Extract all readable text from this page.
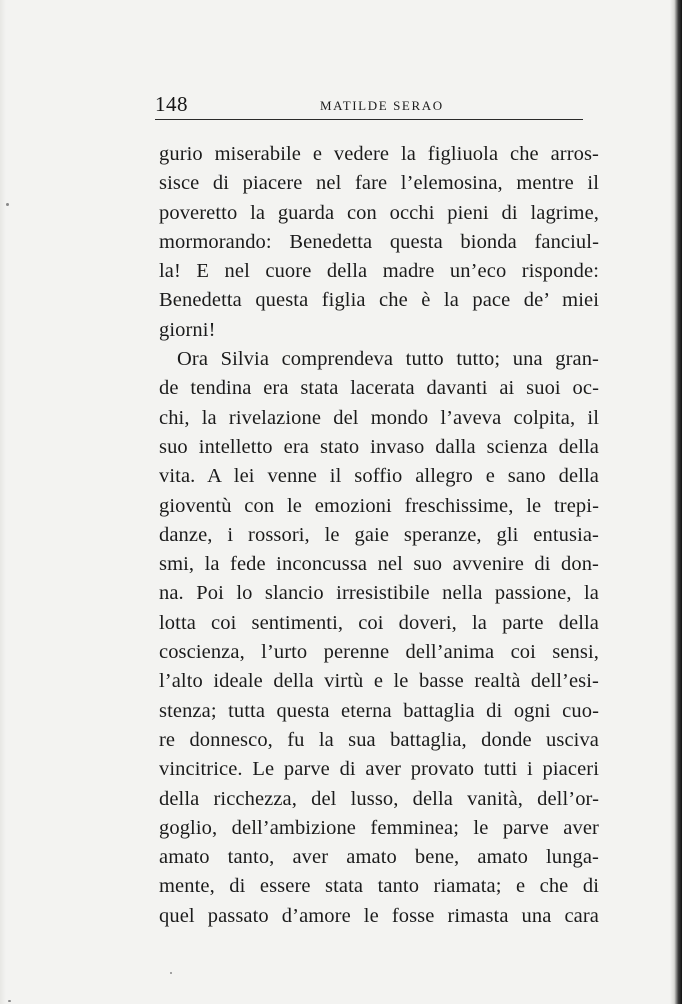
148	MATILDE SERAO
gurio miserabile e vedere la figliuola che arros-
sisce di piacere nel fare l’elemosina, mentre il
poveretto la guarda con occhi pieni di lagrime,
mormorando: Benedetta questa bionda fanciul-
la! E nel cuore della madre un’eco risponde:
Benedetta questa figlia che è la pace de’ miei
giorni!
Ora Silvia comprendeva tutto tutto; una gran-
de tendina era stata lacerata davanti ai suoi oc-
chi, la rivelazione del mondo l’aveva colpita, il
suo intelletto era stato invaso dalla scienza della
vita. A lei venne il soffio allegro e sano della
gioventù con le emozioni freschissime, le trepi-
danze, i rossori, le gaie speranze, gli entusia-
smi, la fede inconcussa nel suo avvenire di don-
na. Poi lo slancio irresistibile nella passione, la
lotta coi sentimenti, coi doveri, la parte della
coscienza, l’urto perenne dell’anima coi sensi,
l’alto ideale della virtù e le basse realtà dell’esi-
stenza; tutta questa eterna battaglia di ogni cuo-
re donnesco, fu la sua battaglia, donde usciva
vincitrice. Le parve di aver provato tutti i piaceri
della ricchezza, del lusso, della vanità, dell’or-
goglio, dell’ambizione femminea; le parve aver
amato tanto, aver amato bene, amato lunga-
mente, di essere stata tanto riamata; e che di
quel passato d’amore le fosse rimasta una cara
